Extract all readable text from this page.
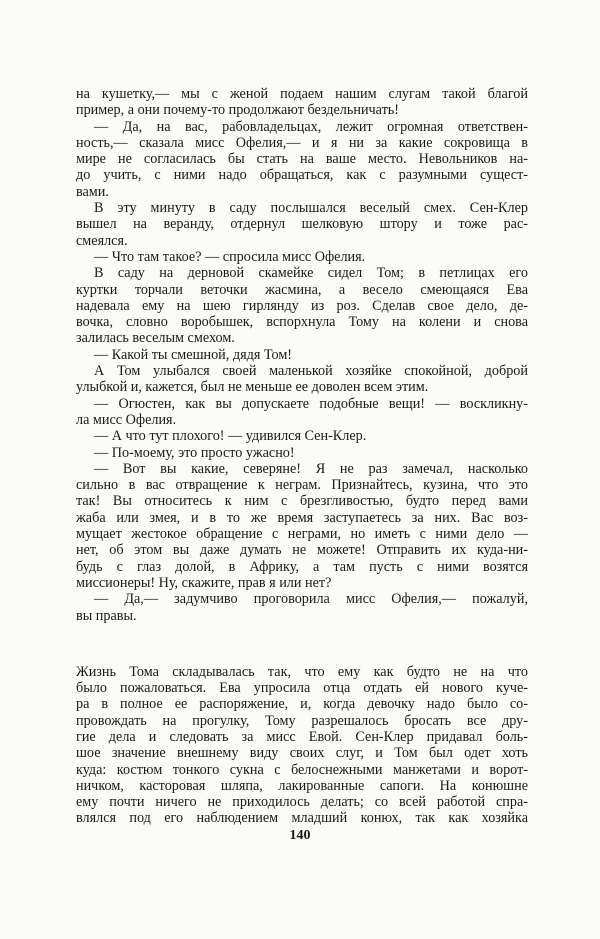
на кушетку,— мы с женой подаем нашим слугам такой благой
пример, а они почему-то продолжают бездельничать!
— Да, на вас, рабовладельцах, лежит огромная ответствен-
ность,— сказала мисс Офелия,— и я ни за какие сокровища в
мире не согласилась бы стать на ваше место. Невольников на-
до учить, с ними надо обращаться, как с разумными сущест-
вами.
В эту минуту в саду послышался веселый смех. Сен-Клер
вышел на веранду, отдернул шелковую штору и тоже рас-
смеялся.
— Что там такое? — спросила мисс Офелия.
В саду на дерновой скамейке сидел Том; в петлицах его
куртки торчали веточки жасмина, а весело смеющаяся Ева
надевала ему на шею гирлянду из роз. Сделав свое дело, де-
вочка, словно воробышек, вспорхнула Тому на колени и снова
залилась веселым смехом.
— Какой ты смешной, дядя Том!
А Том улыбался своей маленькой хозяйке спокойной, доброй
улыбкой и, кажется, был не меньше ее доволен всем этим.
— Огюстен, как вы допускаете подобные вещи! — воскликну-
ла мисс Офелия.
— А что тут плохого! — удивился Сен-Клер.
— По-моему, это просто ужасно!
— Вот вы какие, северяне! Я не раз замечал, насколько
сильно в вас отвращение к неграм. Признайтесь, кузина, что это
так! Вы относитесь к ним с брезгливостью, будто перед вами
жаба или змея, и в то же время заступаетесь за них. Вас воз-
мущает жестокое обращение с неграми, но иметь с ними дело —
нет, об этом вы даже думать не можете! Отправить их куда-ни-
будь с глаз долой, в Африку, а там пусть с ними возятся
миссионеры! Ну, скажите, прав я или нет?
— Да,— задумчиво проговорила мисс Офелия,— пожалуй,
вы правы.
Жизнь Тома складывалась так, что ему как будто не на что
было пожаловаться. Ева упросила отца отдать ей нового куче-
ра в полное ее распоряжение, и, когда девочку надо было со-
провождать на прогулку, Тому разрешалось бросать все дру-
гие дела и следовать за мисс Евой. Сен-Клер придавал боль-
шое значение внешнему виду своих слуг, и Том был одет хоть
куда: костюм тонкого сукна с белоснежными манжетами и ворот-
ничком, касторовая шляпа, лакированные сапоги. На конюшне
ему почти ничего не приходилось делать; со всей работой спра-
влялся под его наблюдением младший конюх, так как хозяйка
140
